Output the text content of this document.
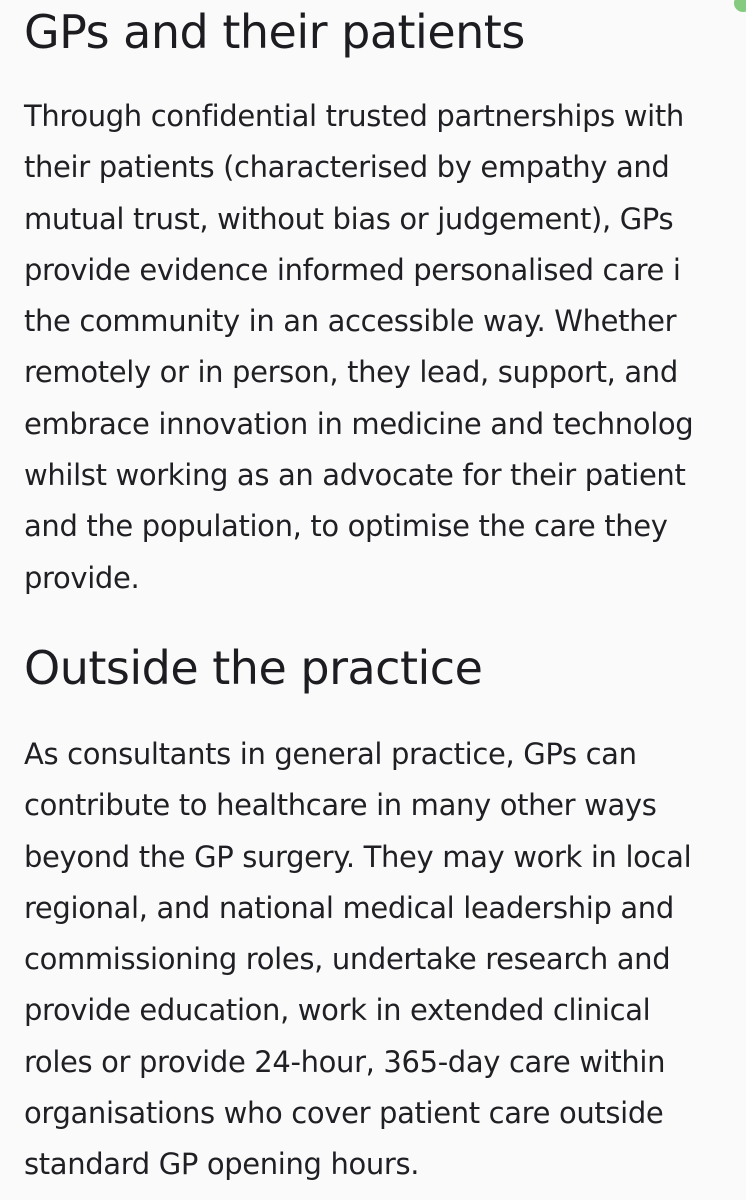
GPs and their patients

Through confidential trusted partnerships with
their patients (characterised by empathy and
mutual trust, without bias or judgement), GPs
provide evidence informed personalised care i
the community in an accessible way. Whether
remotely or in person, they lead, support, and
embrace innovation in medicine and technolog
whilst working as an advocate for their patient
and the population, to optimise the care they
provide.

Outside the practice

As consultants in general practice, GPs can
contribute to healthcare in many other ways
beyond the GP surgery. They may work in local
regional, and national medical leadership and
commissioning roles, undertake research and
provide education, work in extended clinical
roles or provide 24-hour, 365-day care within
organisations who cover patient care outside
standard GP opening hours.
